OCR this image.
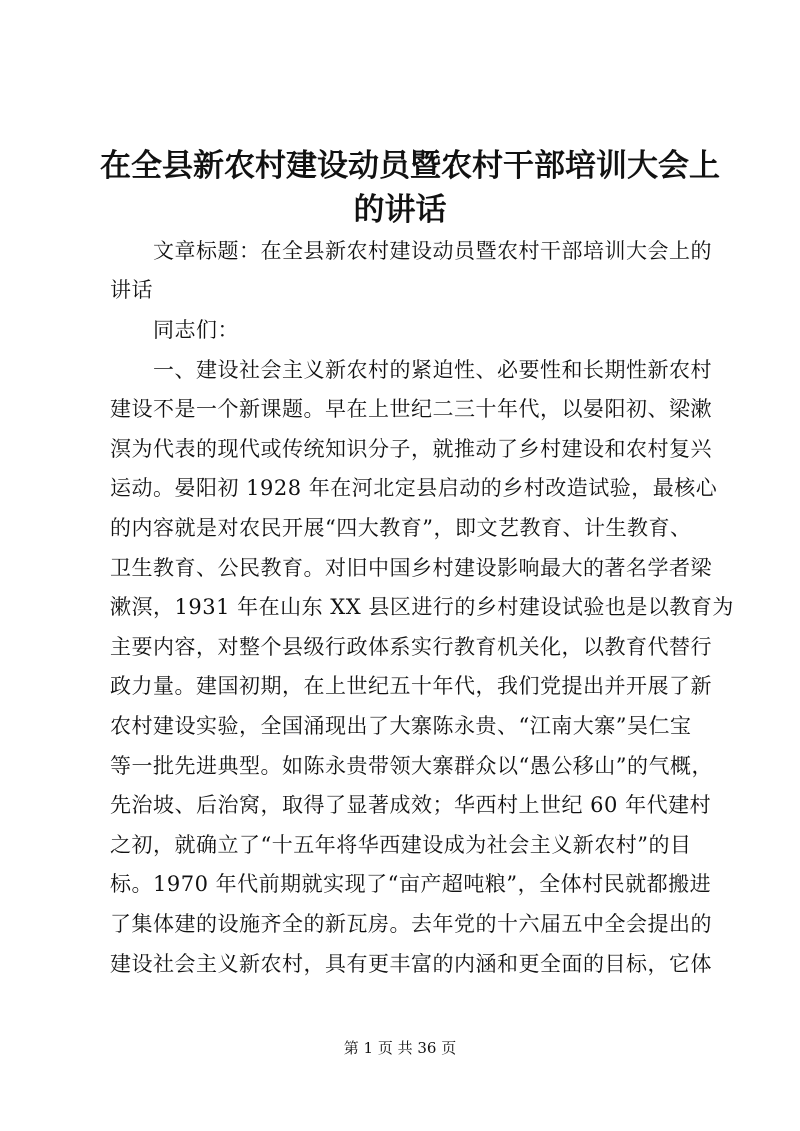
在全县新农村建设动员暨农村干部培训大会上
的讲话
　　文章标题：在全县新农村建设动员暨农村干部培训大会上的
讲话
　　同志们：
　　一、建设社会主义新农村的紧迫性、必要性和长期性新农村
建设不是一个新课题。早在上世纪二三十年代，以晏阳初、梁漱
溟为代表的现代或传统知识分子，就推动了乡村建设和农村复兴
运动。晏阳初 1928 年在河北定县启动的乡村改造试验，最核心
的内容就是对农民开展“四大教育”，即文艺教育、计生教育、
卫生教育、公民教育。对旧中国乡村建设影响最大的著名学者梁
漱溟，1931 年在山东 XX 县区进行的乡村建设试验也是以教育为
主要内容，对整个县级行政体系实行教育机关化，以教育代替行
政力量。建国初期，在上世纪五十年代，我们党提出并开展了新
农村建设实验，全国涌现出了大寨陈永贵、“江南大寨”吴仁宝
等一批先进典型。如陈永贵带领大寨群众以“愚公移山”的气概，
先治坡、后治窝，取得了显著成效；华西村上世纪 60 年代建村
之初，就确立了“十五年将华西建设成为社会主义新农村”的目
标。1970 年代前期就实现了“亩产超吨粮”，全体村民就都搬进
了集体建的设施齐全的新瓦房。去年党的十六届五中全会提出的
建设社会主义新农村，具有更丰富的内涵和更全面的目标，它体
第 1 页 共 36 页
